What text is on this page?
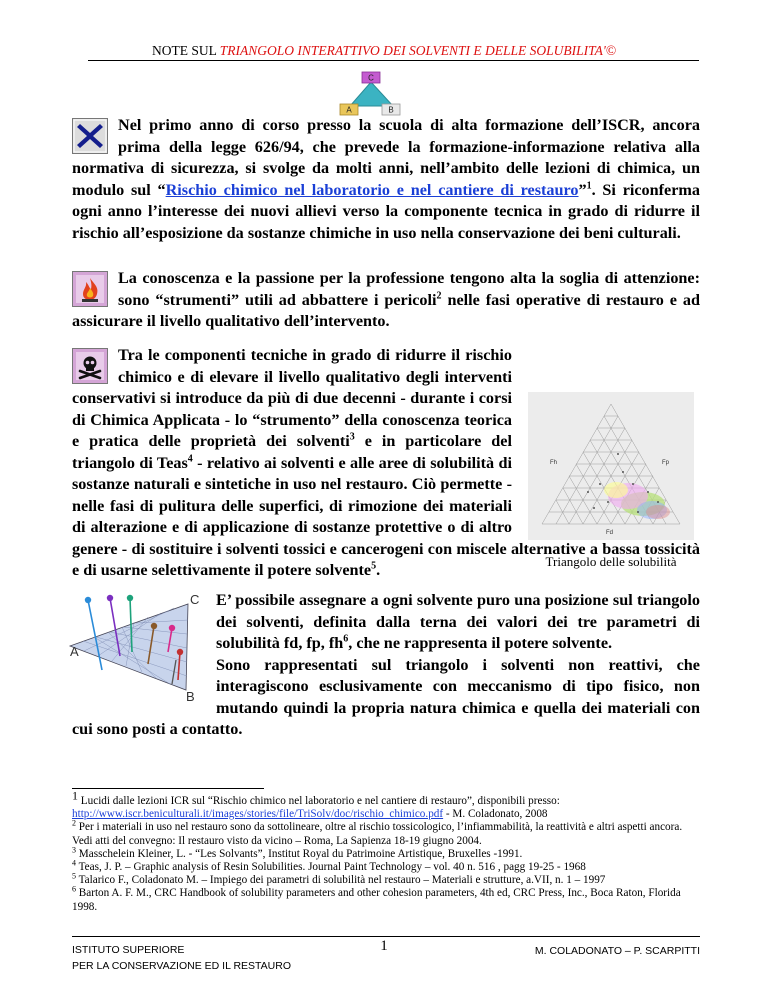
NOTE SUL TRIANGOLO INTERATTIVO DEI SOLVENTI E DELLE SOLUBILITA'©
C
A	B

Nel primo anno di corso presso la scuola di alta formazione dell’ISCR, ancora prima della legge 626/94, che prevede la formazione-informazione relativa alla normativa di sicurezza, si svolge da molti anni, nell’ambito delle lezioni di chimica, un modulo sul “Rischio chimico nel laboratorio e nel cantiere di restauro”$^1$. Si riconferma ogni anno l’interesse dei nuovi allievi verso la componente tecnica in grado di ridurre il rischio all’esposizione da sostanze chimiche in uso nella conservazione dei beni culturali.

La conoscenza e la passione per la professione tengono alta la soglia di attenzione: sono “strumenti” utili ad abbattere i pericoli$^2$ nelle fasi operative di restauro e ad assicurare il livello qualitativo dell’intervento.

Tra le componenti tecniche in grado di ridurre il rischio chimico e di elevare il livello qualitativo degli interventi conservativi si introduce da più di due decenni - durante i corsi di Chimica Applicata - lo “strumento” della conoscenza teorica e pratica delle proprietà dei solventi$^3$ e in particolare del triangolo di Teas$^4$ - relativo ai solventi e alle aree di solubilità di sostanze naturali e sintetiche in uso nel restauro. Ciò permette - nelle fasi di pulitura delle superfici, di rimozione dei materiali di alterazione e di applicazione di sostanze protettive o di altro genere - di sostituire i solventi tossici e cancerogeni con miscele alternative a bassa tossicità e di usarne selettivamente il potere solvente$^5$.

Fh	Fp
Fd
Triangolo delle solubilità
C
A
B

E’ possibile assegnare a ogni solvente puro una posizione sul triangolo dei solventi, definita dalla terna dei valori dei tre parametri di solubilità fd, fp, $fh^6$, che ne rappresenta il potere solvente.
Sono rappresentati sul triangolo i solventi non reattivi, che interagiscono esclusivamente con meccanismo di tipo fisico, non mutando quindi la propria natura chimica e quella dei materiali con cui sono posti a contatto.

$^1$ Lucidi dalle lezioni ICR sul “Rischio chimico nel laboratorio e nel cantiere di restauro”, disponibili presso:
http://www.iscr.beniculturali.it/images/stories/file/TriSolv/doc/rischio_chimico.pdf - M. Coladonato, 2008
$^2$ Per i materiali in uso nel restauro sono da sottolineare, oltre al rischio tossicologico, l’infiammabilità, la reattività e altri aspetti ancora. Vedi atti del convegno: Il restauro visto da vicino – Roma, La Sapienza 18-19 giugno 2004.
$^3$ Masschelein Kleiner, L. - “Les Solvants”, Institut Royal du Patrimoine Artistique, Bruxelles -1991.
$^4$ Teas, J. P. – Graphic analysis of Resin Solubilities. Journal Paint Technology – vol. 40 n. 516 , pagg 19-25 - 1968
$^5$ Talarico F., Coladonato M. – Impiego dei parametri di solubilità nel restauro – Materiali e strutture, a.VII, n. 1 – 1997
$^6$ Barton A. F. M., CRC Handbook of solubility parameters and other cohesion parameters, 4th ed, CRC Press, Inc., Boca Raton, Florida 1998.
ISTITUTO SUPERIORE
PER LA CONSERVAZIONE ED IL RESTAURO
1	M. COLADONATO – P. SCARPITTI
